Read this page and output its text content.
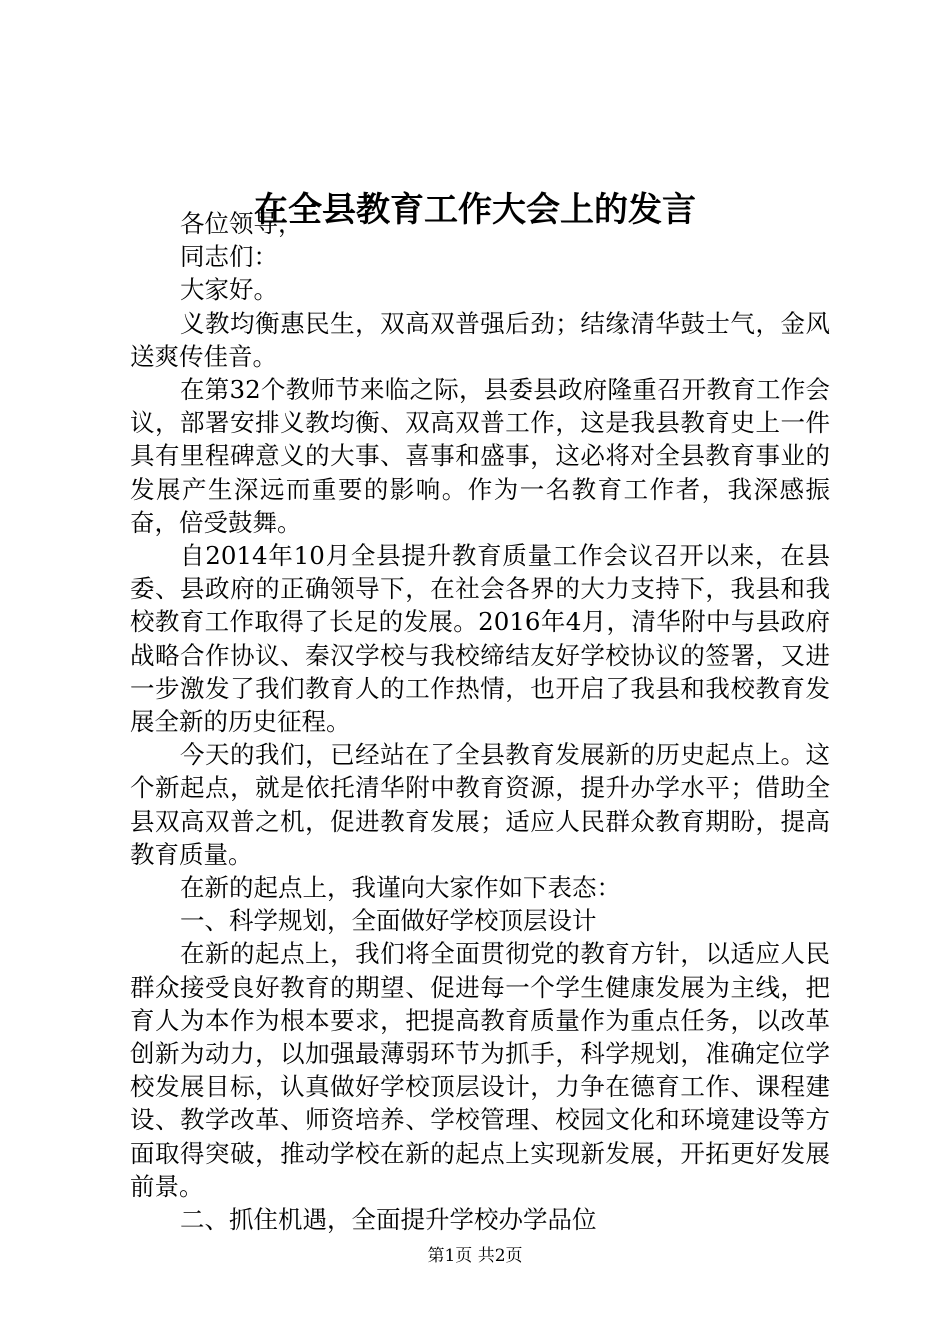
在全县教育工作大会上的发言

各位领导，

同志们：

大家好。

义教均衡惠民生，双高双普强后劲；结缘清华鼓士气，金风送爽传佳音。

在第32个教师节来临之际，县委县政府隆重召开教育工作会议，部署安排义教均衡、双高双普工作，这是我县教育史上一件具有里程碑意义的大事、喜事和盛事，这必将对全县教育事业的发展产生深远而重要的影响。作为一名教育工作者，我深感振奋，倍受鼓舞。

自2014年10月全县提升教育质量工作会议召开以来，在县委、县政府的正确领导下，在社会各界的大力支持下，我县和我校教育工作取得了长足的发展。2016年4月，清华附中与县政府战略合作协议、秦汉学校与我校缔结友好学校协议的签署，又进一步激发了我们教育人的工作热情，也开启了我县和我校教育发展全新的历史征程。

今天的我们，已经站在了全县教育发展新的历史起点上。这个新起点，就是依托清华附中教育资源，提升办学水平；借助全县双高双普之机，促进教育发展；适应人民群众教育期盼，提高教育质量。

在新的起点上，我谨向大家作如下表态：

一、科学规划，全面做好学校顶层设计

在新的起点上，我们将全面贯彻党的教育方针，以适应人民群众接受良好教育的期望、促进每一个学生健康发展为主线，把育人为本作为根本要求，把提高教育质量作为重点任务，以改革创新为动力，以加强最薄弱环节为抓手，科学规划，准确定位学校发展目标，认真做好学校顶层设计，力争在德育工作、课程建设、教学改革、师资培养、学校管理、校园文化和环境建设等方面取得突破，推动学校在新的起点上实现新发展，开拓更好发展前景。

二、抓住机遇，全面提升学校办学品位

第1页 共2页
